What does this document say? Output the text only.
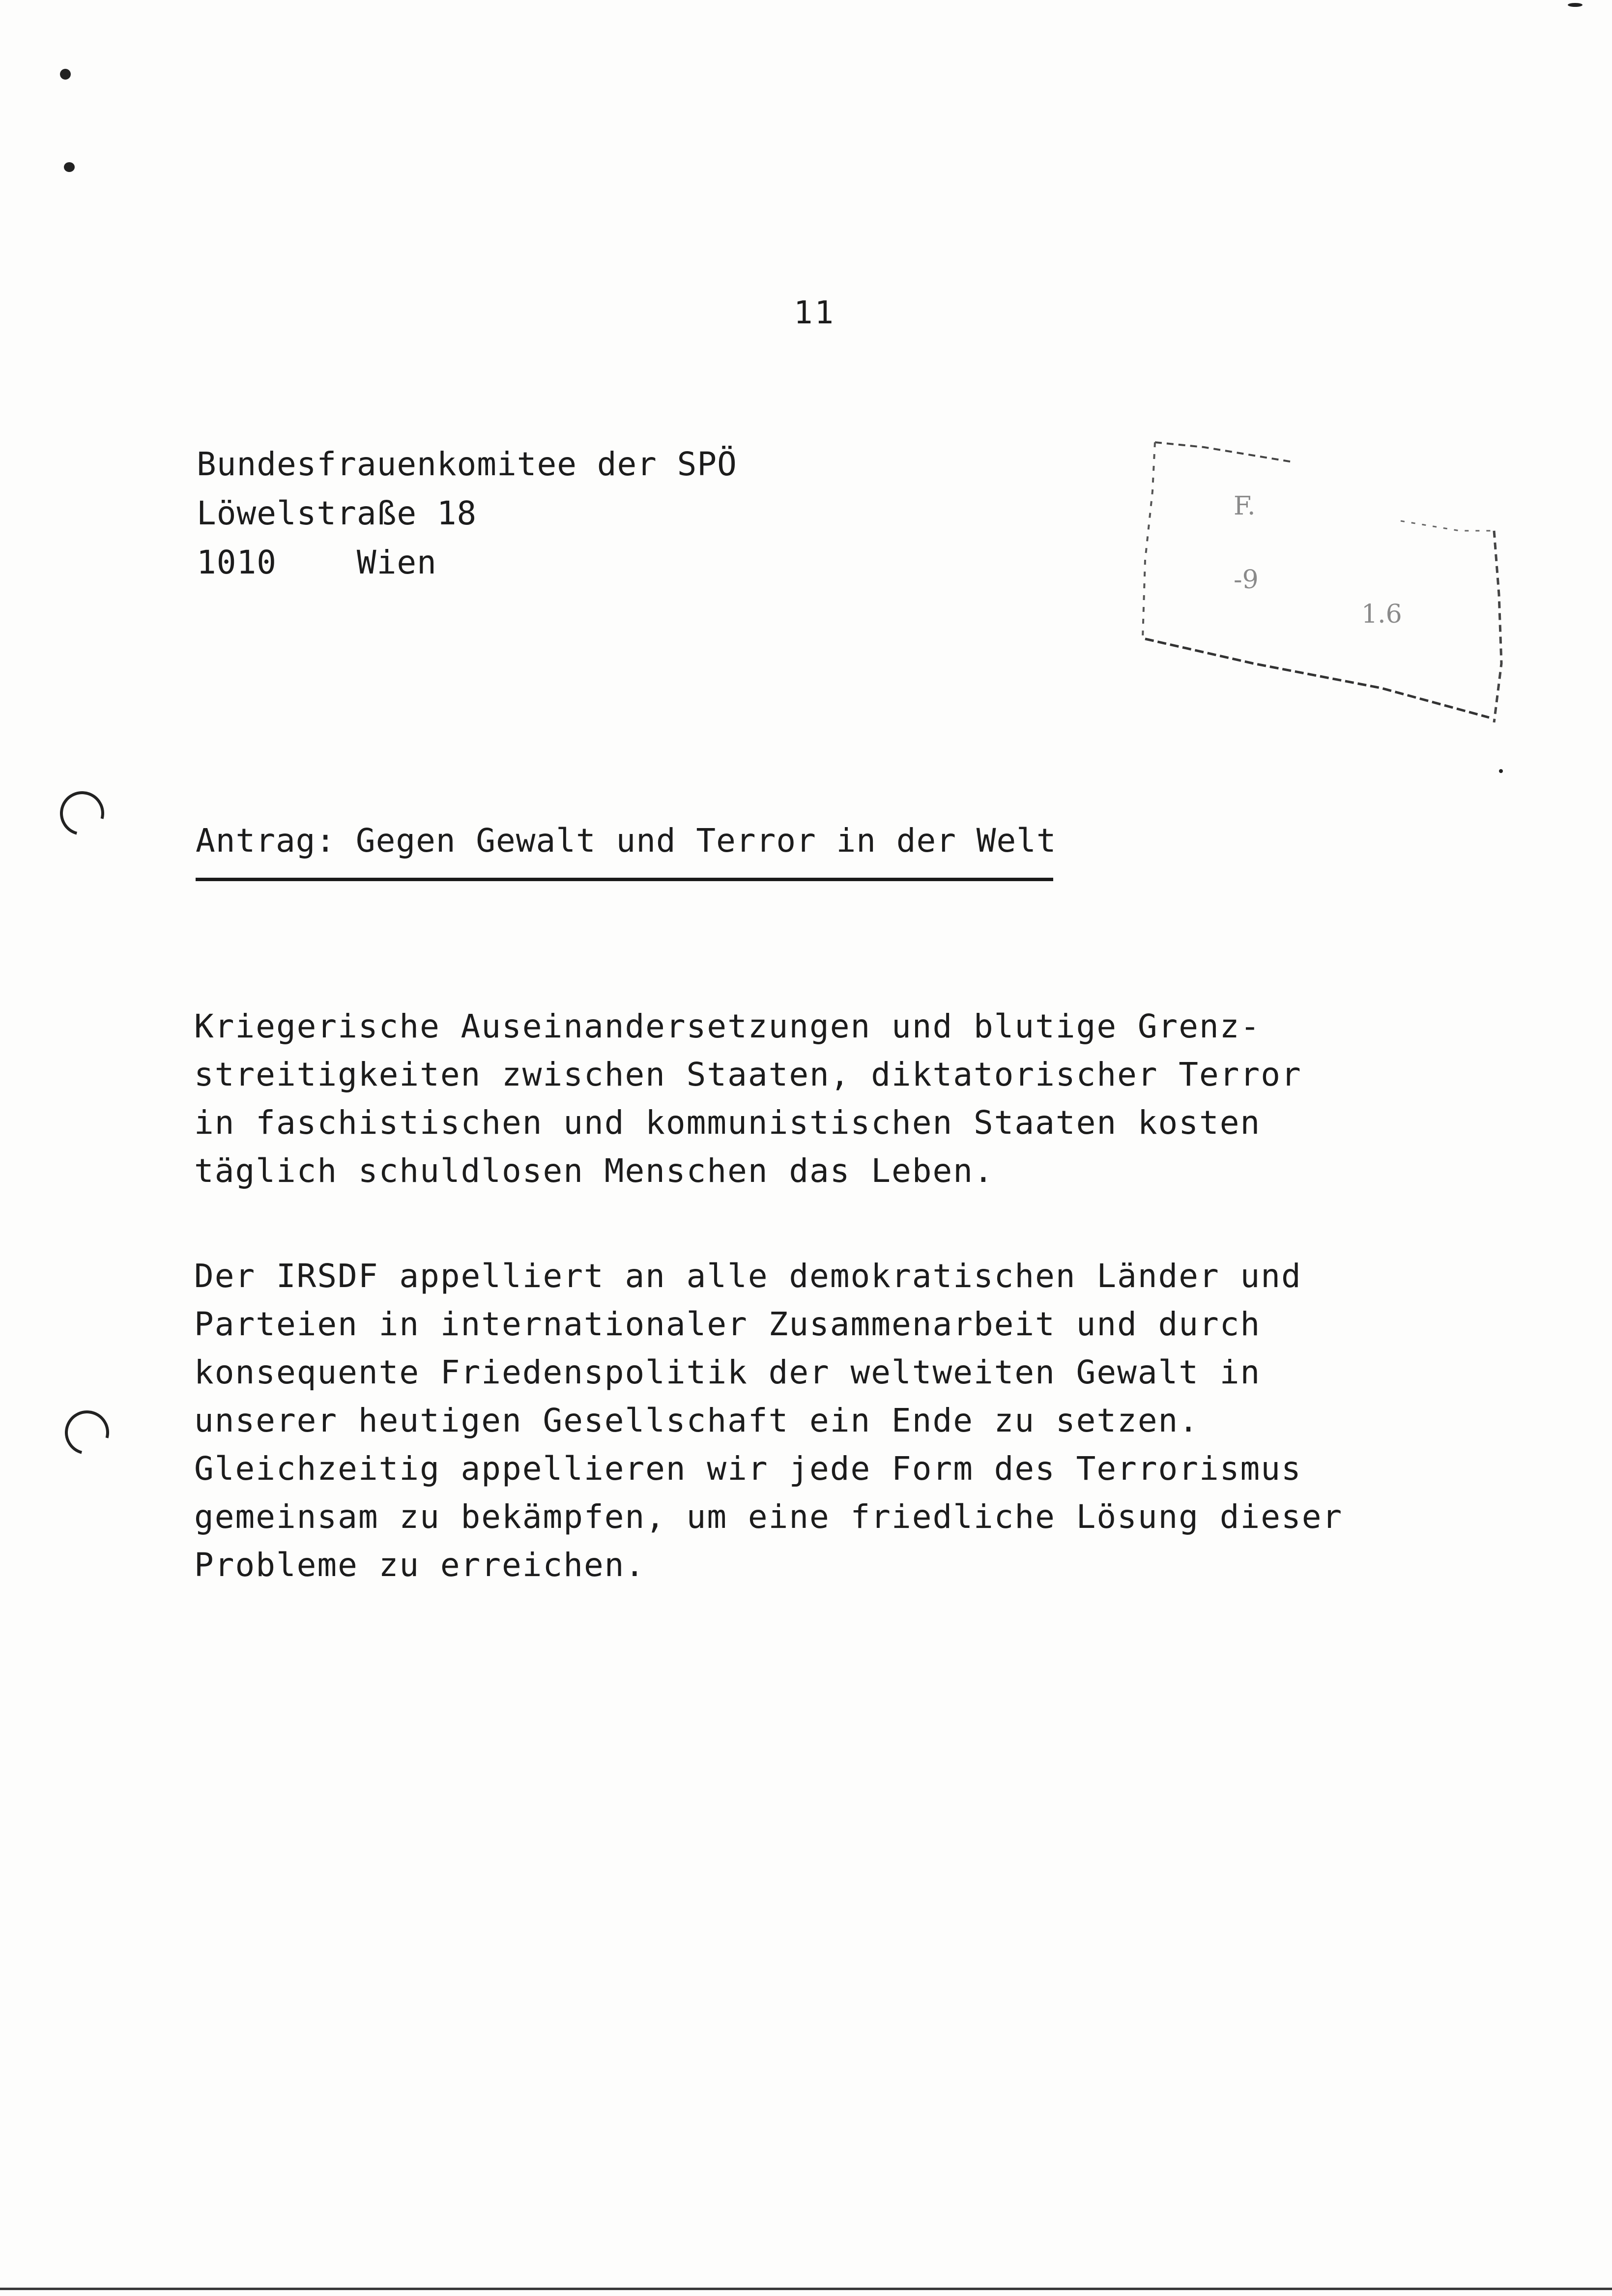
11
Bundesfrauenkomitee der SPÖ
Löwelstraße 18
1010 Wien
F.
-9
1.6
Antrag: Gegen Gewalt und Terror in der Welt
Kriegerische Auseinandersetzungen und blutige Grenz-
streitigkeiten zwischen Staaten, diktatorischer Terror
in faschistischen und kommunistischen Staaten kosten
täglich schuldlosen Menschen das Leben.
Der IRSDF appelliert an alle demokratischen Länder und
Parteien in internationaler Zusammenarbeit und durch
konsequente Friedenspolitik der weltweiten Gewalt in
unserer heutigen Gesellschaft ein Ende zu setzen.
Gleichzeitig appellieren wir jede Form des Terrorismus
gemeinsam zu bekämpfen, um eine friedliche Lösung dieser
Probleme zu erreichen.
